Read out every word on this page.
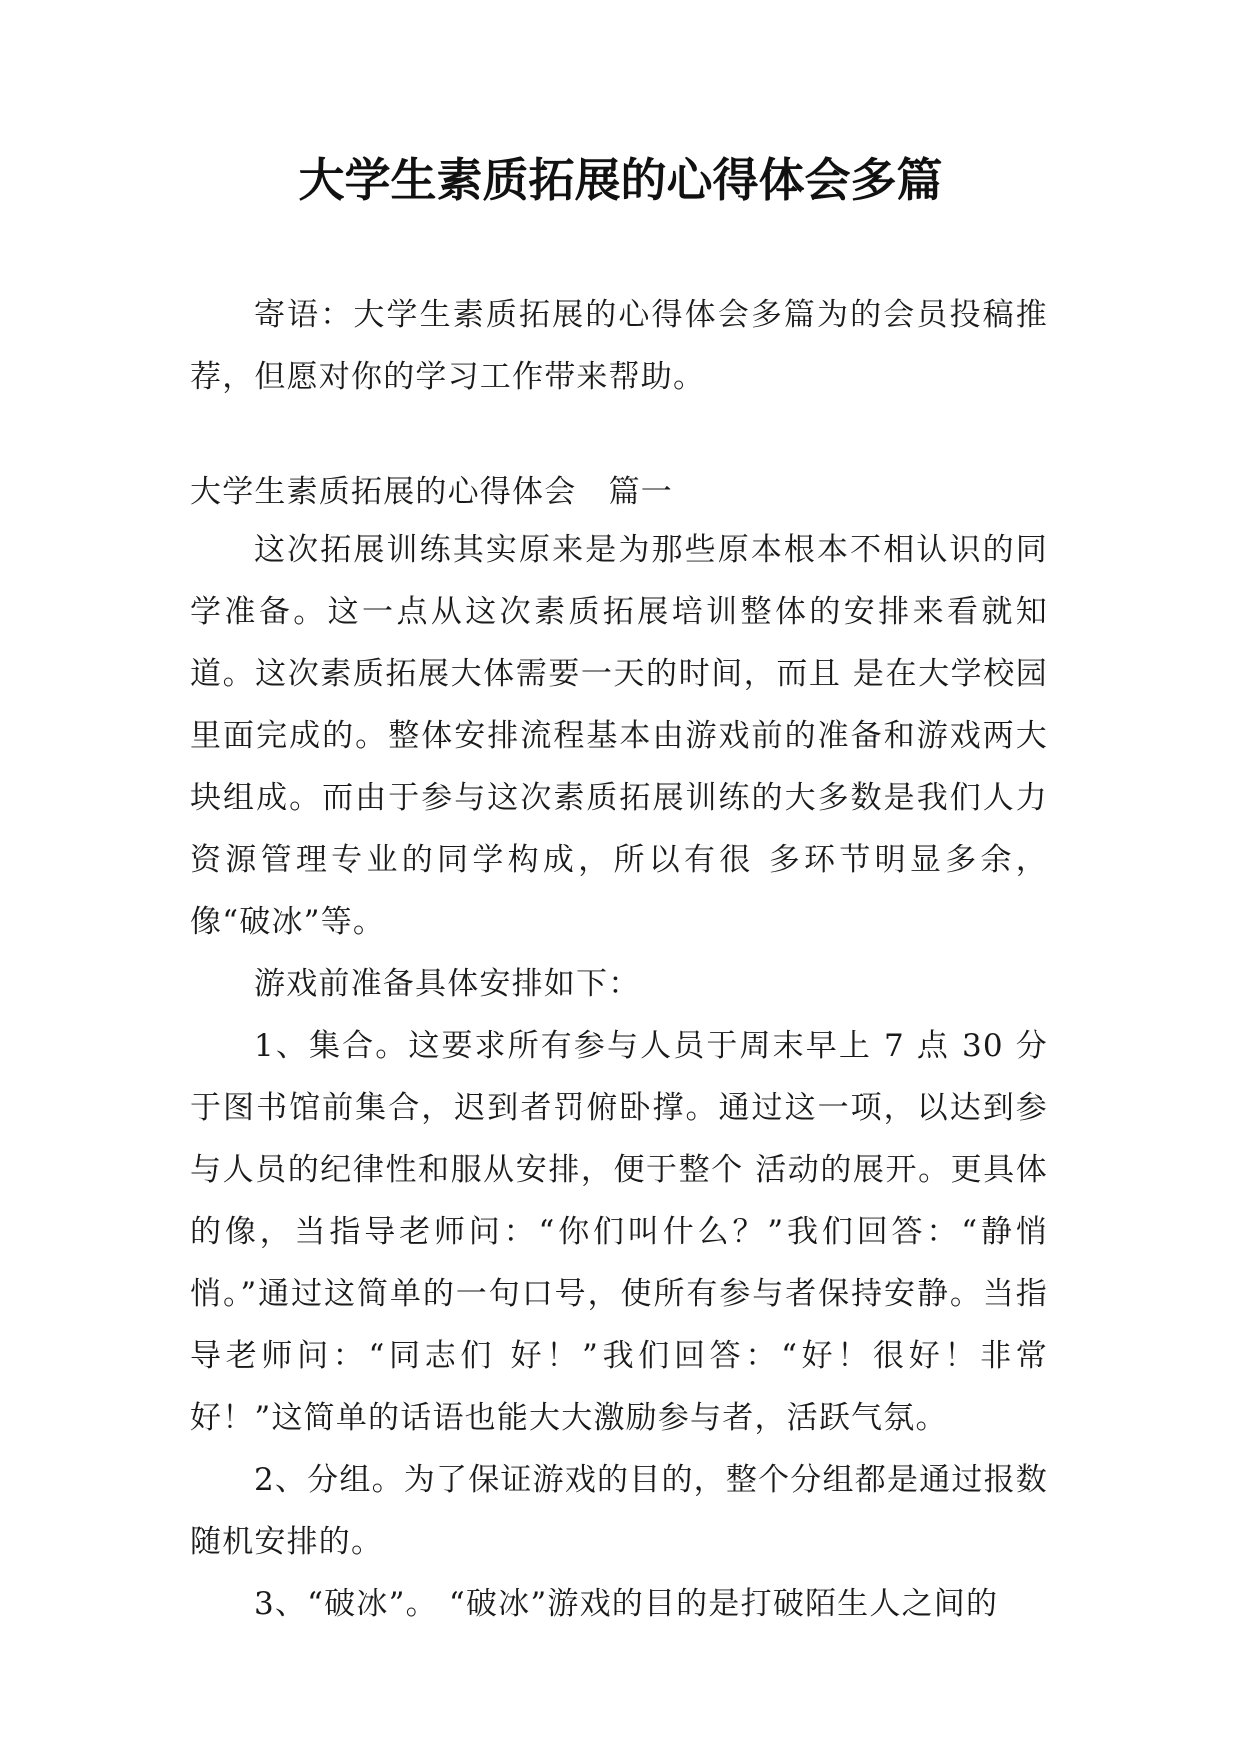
大学生素质拓展的心得体会多篇

寄语：大学生素质拓展的心得体会多篇为的会员投稿推荐，但愿对你的学习工作带来帮助。

大学生素质拓展的心得体会　篇一

这次拓展训练其实原来是为那些原本根本不相认识的同学准备。这一点从这次素质拓展培训整体的安排来看就知道。这次素质拓展大体需要一天的时间，而且 是在大学校园里面完成的。整体安排流程基本由游戏前的准备和游戏两大块组成。而由于参与这次素质拓展训练的大多数是我们人力资源管理专业的同学构成，所以有很 多环节明显多余，像“破冰”等。

游戏前准备具体安排如下：

1、集合。这要求所有参与人员于周末早上 7 点 30 分于图书馆前集合，迟到者罚俯卧撑。通过这一项，以达到参与人员的纪律性和服从安排，便于整个 活动的展开。更具体的像，当指导老师问：“你们叫什么？”我们回答：“静悄悄。”通过这简单的一句口号，使所有参与者保持安静。当指导老师问：“同志们 好！”我们回答：“好！很好！非常好！”这简单的话语也能大大激励参与者，活跃气氛。

2、分组。为了保证游戏的目的，整个分组都是通过报数随机安排的。

3、“破冰”。 “破冰”游戏的目的是打破陌生人之间的
